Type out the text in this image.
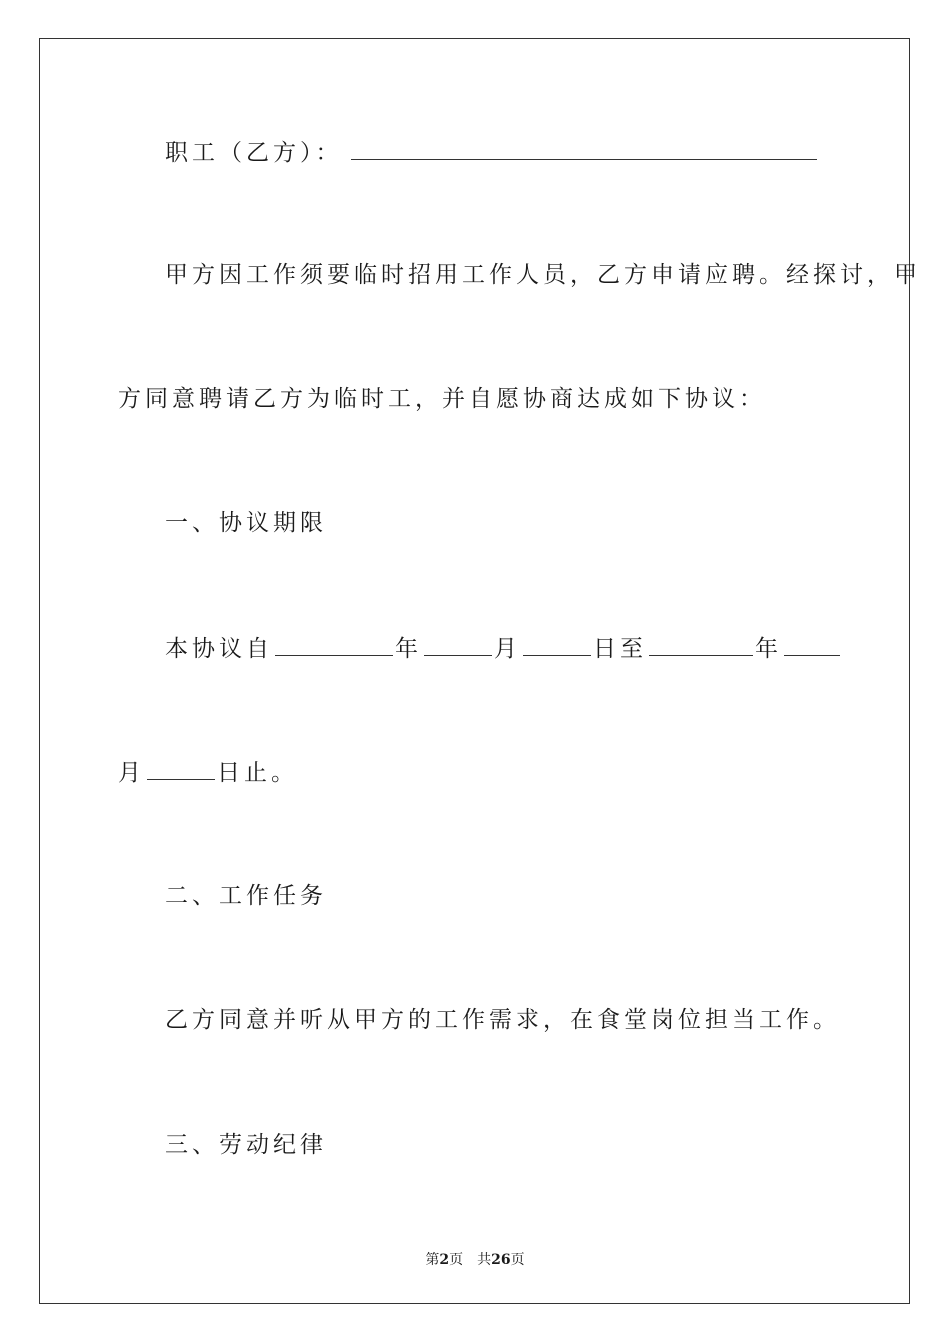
职工（乙方）：
甲方因工作须要临时招用工作人员，乙方申请应聘。经探讨，甲
方同意聘请乙方为临时工，并自愿协商达成如下协议：
一、协议期限
本协议自	年	月	日至	年
月	日止。
二、工作任务
乙方同意并听从甲方的工作需求，在食堂岗位担当工作。
三、劳动纪律
第2页　共26页
